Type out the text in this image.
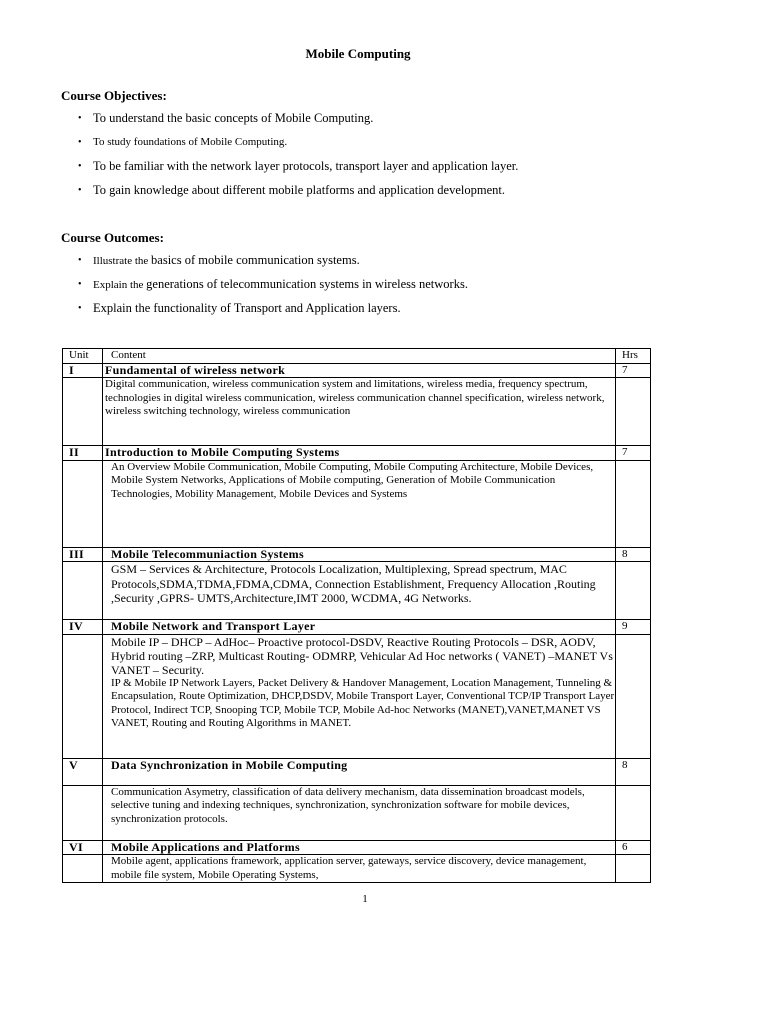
Mobile Computing
Course Objectives:
• To understand the basic concepts of Mobile Computing.
• To study foundations of Mobile Computing.
• To be familiar with the network layer protocols, transport layer and application layer.
• To gain knowledge about different mobile platforms and application development.
Course Outcomes:
• Illustrate the basics of mobile communication systems.
• Explain the generations of telecommunication systems in wireless networks.
• Explain the functionality of Transport and Application layers.
Unit	Content	Hrs
I	Fundamental of wireless network	7
	Digital communication, wireless communication system and limitations, wireless media, frequency spectrum, technologies in digital wireless communication, wireless communication channel specification, wireless network, wireless switching technology, wireless communication	
II	Introduction to Mobile Computing Systems	7
	An Overview Mobile Communication, Mobile Computing, Mobile Computing Architecture, Mobile Devices, Mobile System Networks, Applications of Mobile computing, Generation of Mobile Communication Technologies, Mobility Management, Mobile Devices and Systems	
III	Mobile Telecommuniaction Systems	8
	GSM – Services & Architecture, Protocols Localization, Multiplexing, Spread spectrum, MAC Protocols,SDMA,TDMA,FDMA,CDMA, Connection Establishment, Frequency Allocation ,Routing ,Security ,GPRS- UMTS,Architecture,IMT 2000, WCDMA, 4G Networks.	
IV	Mobile Network and Transport Layer	9

	Mobile IP – DHCP – AdHoc– Proactive protocol-DSDV, Reactive Routing Protocols – DSR, AODV, Hybrid routing –ZRP, Multicast Routing- ODMRP, Vehicular Ad Hoc networks ( VANET) –MANET Vs VANET – Security.
IP & Mobile IP Network Layers, Packet Delivery & Handover Management, Location Management, Tunneling & Encapsulation, Route Optimization, DHCP,DSDV, Mobile Transport Layer, Conventional TCP/IP Transport Layer Protocol, Indirect TCP, Snooping TCP, Mobile TCP, Mobile Ad-hoc Networks (MANET),VANET,MANET VS VANET, Routing and Routing Algorithms in MANET.	

V	Data Synchronization in Mobile Computing	8
	Communication Asymetry, classification of data delivery mechanism, data dissemination broadcast models, selective tuning and indexing techniques, synchronization, synchronization software for mobile devices, synchronization protocols.	
VI	Mobile Applications and Platforms	6
	Mobile agent, applications framework, application server, gateways, service discovery, device management, mobile file system, Mobile Operating Systems,	
1
